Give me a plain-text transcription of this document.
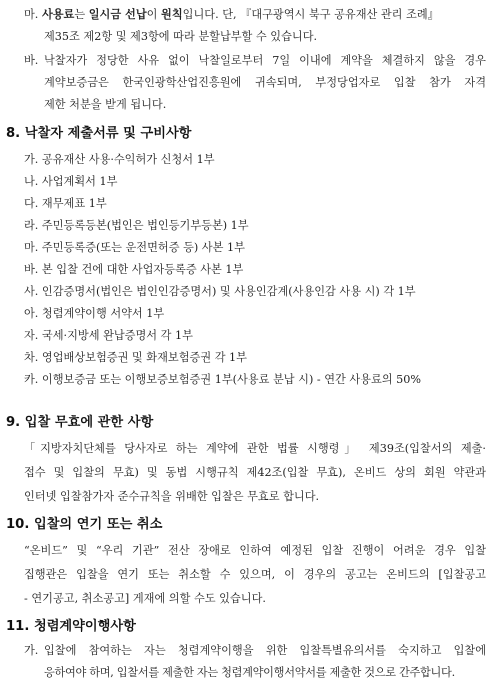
마. 사용료는 일시금 선납이 원칙입니다. 단, 『대구광역시 북구 공유재산 관리 조례』
제35조 제2항 및 제3항에 따라 분할납부할 수 있습니다.
바. 낙찰자가 정당한 사유 없이 낙찰일로부터 7일 이내에 계약을 체결하지 않을 경우
계약보증금은 한국인광학산업진흥원에 귀속되며, 부정당업자로 입찰 참가 자격
제한 처분을 받게 됩니다.
8. 낙찰자 제출서류 및 구비사항
가. 공유재산 사용·수익허가 신청서 1부
나. 사업계획서 1부
다. 재무제표 1부
라. 주민등록등본(법인은 법인등기부등본) 1부
마. 주민등록증(또는 운전면허증 등) 사본 1부
바. 본 입찰 건에 대한 사업자등록증 사본 1부
사. 인감증명서(법인은 법인인감증명서) 및 사용인감계(사용인감 사용 시) 각 1부
아. 청렴계약이행 서약서 1부
자. 국세·지방세 완납증명서 각 1부
차. 영업배상보험증권 및 화재보험증권 각 1부
카. 이행보증금 또는 이행보증보험증권 1부(사용료 분납 시) - 연간 사용료의 50%
9. 입찰 무효에 관한 사항
「지방자치단체를 당사자로 하는 계약에 관한 법률 시행령」 제39조(입찰서의 제출·
접수 및 입찰의 무효) 및 동법 시행규칙 제42조(입찰 무효), 온비드 상의 회원 약관과
인터넷 입찰참가자 준수규칙을 위배한 입찰은 무효로 합니다.
10. 입찰의 연기 또는 취소
“온비드” 및 “우리 기관” 전산 장애로 인하여 예정된 입찰 진행이 어려운 경우 입찰
집행관은 입찰을 연기 또는 취소할 수 있으며, 이 경우의 공고는 온비드의 [입찰공고
- 연기공고, 취소공고] 게재에 의할 수도 있습니다.
11. 청렴계약이행사항
가. 입찰에 참여하는 자는 청렴계약이행을 위한 입찰특별유의서를 숙지하고 입찰에
응하여야 하며, 입찰서를 제출한 자는 청렴계약이행서약서를 제출한 것으로 간주합니다.
